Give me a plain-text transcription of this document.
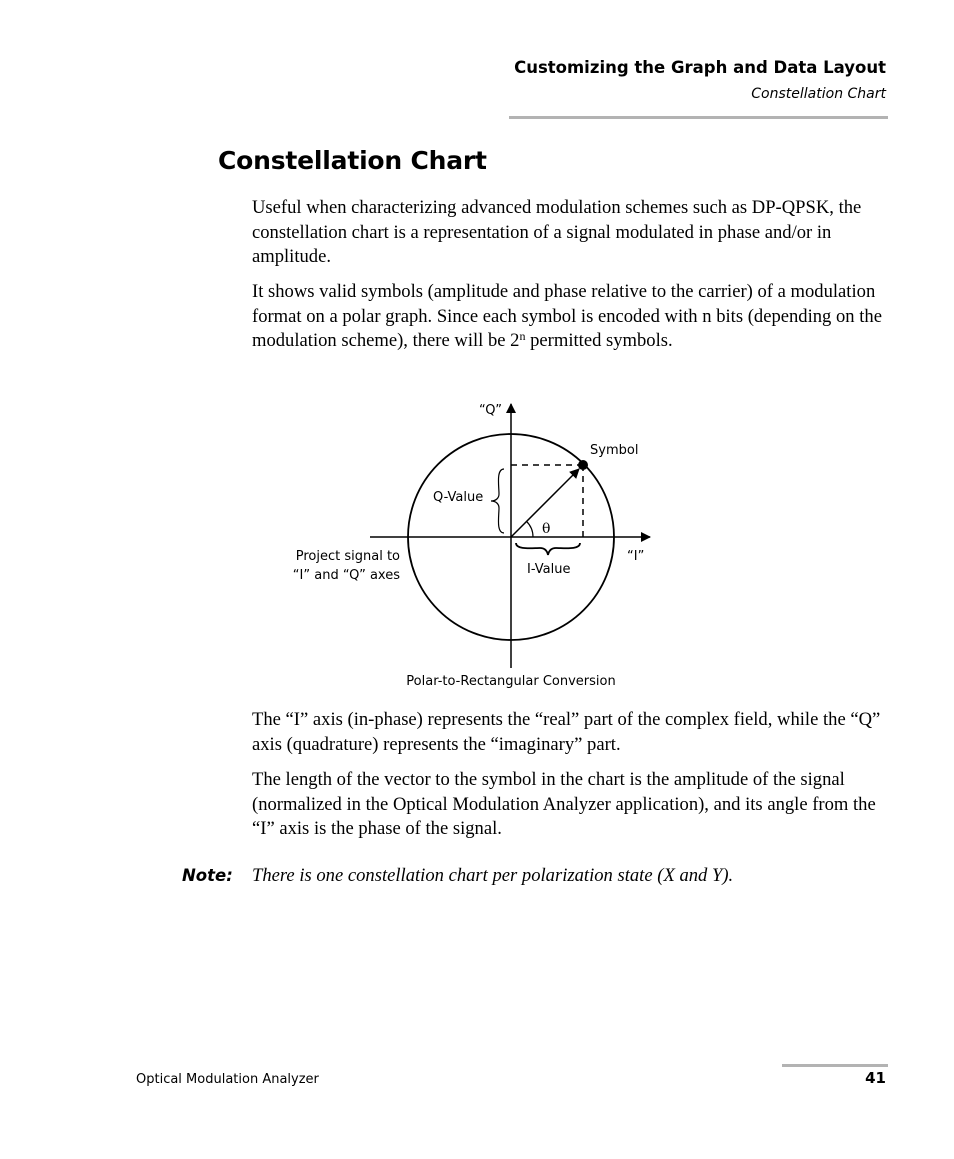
Customizing the Graph and Data Layout
Constellation Chart
Constellation Chart

Useful when characterizing advanced modulation schemes such as DP-QPSK, the constellation chart is a representation of a signal modulated in phase and/or in amplitude.

It shows valid symbols (amplitude and phase relative to the carrier) of a modulation format on a polar graph. Since each symbol is encoded with n bits (depending on the modulation scheme), there will be 2$^n$ permitted symbols.

“Q”
Symbol
Q-Value
θ
“I”
I-Value
Project signal to
“I” and “Q” axes
Polar-to-Rectangular Conversion

The “I” axis (in-phase) represents the “real” part of the complex field, while the “Q” axis (quadrature) represents the “imaginary” part.

The length of the vector to the symbol in the chart is the amplitude of the signal (normalized in the Optical Modulation Analyzer application), and its angle from the “I” axis is the phase of the signal.

Note: There is one constellation chart per polarization state (X and Y).
Optical Modulation Analyzer	41
